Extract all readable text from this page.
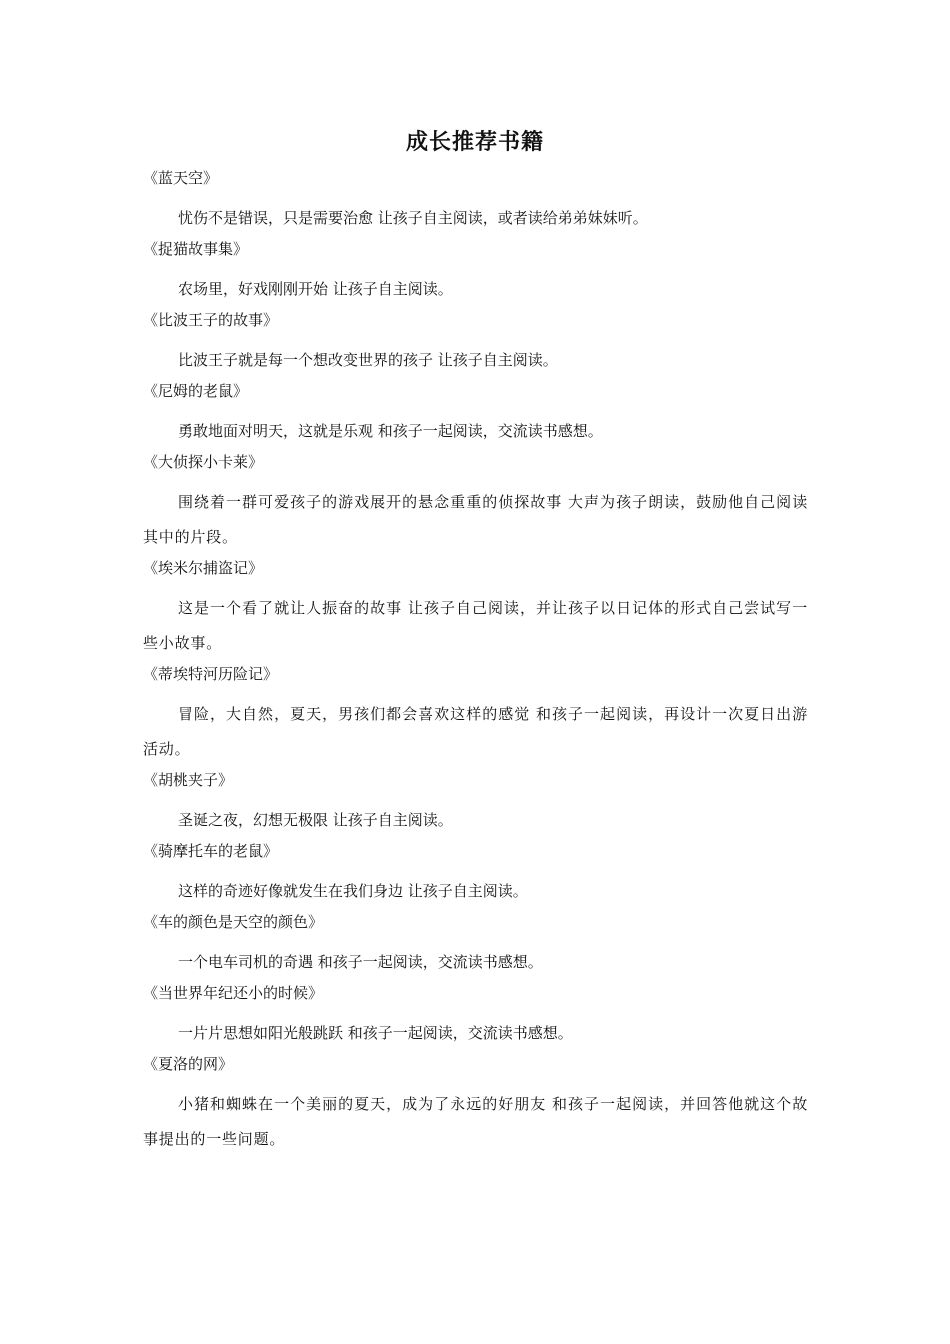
成长推荐书籍
《蓝天空》
忧伤不是错误，只是需要治愈 让孩子自主阅读，或者读给弟弟妹妹听。
《捉猫故事集》
农场里，好戏刚刚开始 让孩子自主阅读。
《比波王子的故事》
比波王子就是每一个想改变世界的孩子 让孩子自主阅读。
《尼姆的老鼠》
勇敢地面对明天，这就是乐观 和孩子一起阅读，交流读书感想。
《大侦探小卡莱》
围绕着一群可爱孩子的游戏展开的悬念重重的侦探故事 大声为孩子朗读，鼓励他自己阅读其中的片段。
《埃米尔捕盗记》
这是一个看了就让人振奋的故事 让孩子自己阅读，并让孩子以日记体的形式自己尝试写一些小故事。
《蒂埃特河历险记》
冒险，大自然，夏天，男孩们都会喜欢这样的感觉 和孩子一起阅读，再设计一次夏日出游活动。
《胡桃夹子》
圣诞之夜，幻想无极限 让孩子自主阅读。
《骑摩托车的老鼠》
这样的奇迹好像就发生在我们身边 让孩子自主阅读。
《车的颜色是天空的颜色》
一个电车司机的奇遇 和孩子一起阅读，交流读书感想。
《当世界年纪还小的时候》
一片片思想如阳光般跳跃 和孩子一起阅读，交流读书感想。
《夏洛的网》
小猪和蜘蛛在一个美丽的夏天，成为了永远的好朋友 和孩子一起阅读，并回答他就这个故事提出的一些问题。
